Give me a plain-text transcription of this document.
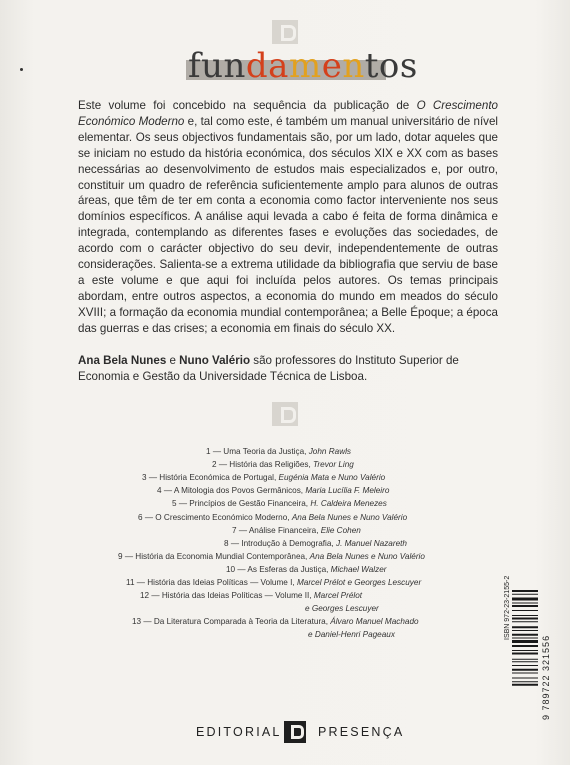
fundamentos
Este volume foi concebido na sequência da publicação de O Crescimento Económico Moderno e, tal como este, é também um manual universitário de nível elementar. Os seus objectivos fundamentais são, por um lado, dotar aqueles que se iniciam no estudo da história económica, dos séculos XIX e XX com as bases necessárias ao desenvolvimento de estudos mais especializados e, por outro, constituir um quadro de referência suficientemente amplo para alunos de outras áreas, que têm de ter em conta a economia como factor interveniente nos seus domínios específicos. A análise aqui levada a cabo é feita de forma dinâmica e integrada, contemplando as diferentes fases e evoluções das sociedades, de acordo com o carácter objectivo do seu devir, independentemente de outras considerações. Salienta-se a extrema utilidade da bibliografia que serviu de base a este volume e que aqui foi incluída pelos autores. Os temas principais abordam, entre outros aspectos, a economia do mundo em meados do século XVIII; a formação da economia mundial contemporânea; a Belle Époque; a época das guerras e das crises; a economia em finais do século XX.
Ana Bela Nunes e Nuno Valério são professores do Instituto Superior de Economia e Gestão da Universidade Técnica de Lisboa.
1 — Uma Teoria da Justiça, John Rawls
2 — História das Religiões, Trevor Ling
3 — História Económica de Portugal, Eugénia Mata e Nuno Valério
4 — A Mitologia dos Povos Germânicos, Maria Lucília F. Meleiro
5 — Princípios de Gestão Financeira, H. Caldeira Menezes
6 — O Crescimento Económico Moderno, Ana Bela Nunes e Nuno Valério
7 — Análise Financeira, Elie Cohen
8 — Introdução à Demografia, J. Manuel Nazareth
9 — História da Economia Mundial Contemporânea, Ana Bela Nunes e Nuno Valério
10 — As Esferas da Justiça, Michael Walzer
11 — História das Ideias Políticas — Volume I, Marcel Prélot e Georges Lescuyer
12 — História das Ideias Políticas — Volume II, Marcel Prélot
e Georges Lescuyer
13 — Da Literatura Comparada à Teoria da Literatura, Álvaro Manuel Machado
e Daniel-Henri Pageaux	ISBN 972-23-2155-2
9 789722 321556
EDITORIAL	PRESENÇA
